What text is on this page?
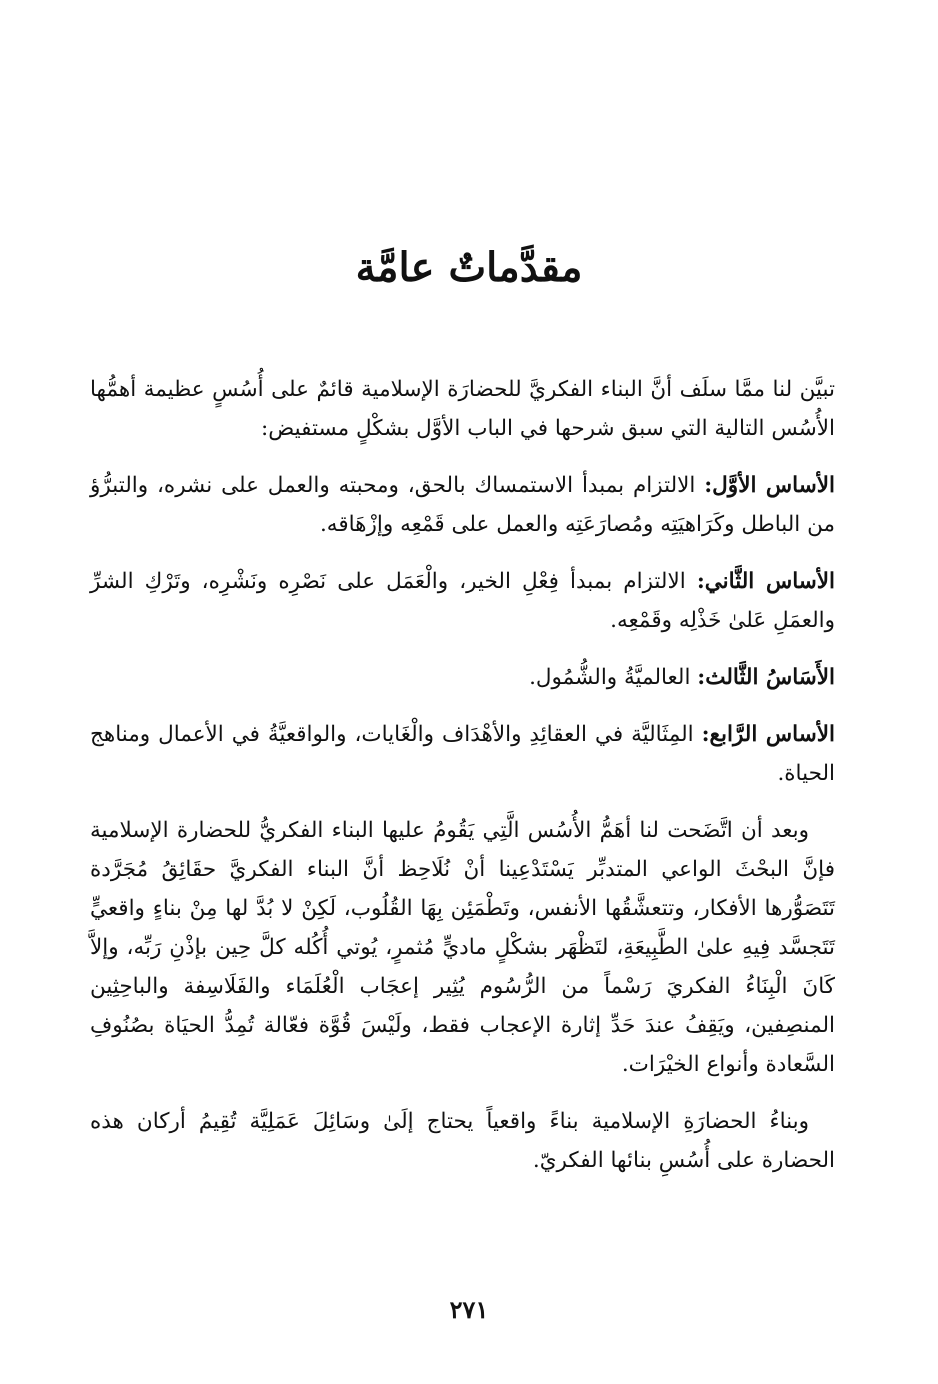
مقدَّماتٌ عامَّة

تبيَّن لنا ممَّا سلَف أنَّ البناء الفكريَّ للحضارَة الإسلامية قائمٌ على أُسُسٍ عظيمة أهمُّها الأُسُس التالية التي سبق شرحها في الباب الأوَّل بشكْلٍ مستفيض:

الأساس الأوَّل: الالتزام بمبدأ الاستمساك بالحق، ومحبته والعمل على نشره، والتبرُّؤ من الباطل وكَرَاهيَتِه ومُصارَعَتِه والعمل على قَمْعِه وإزْهَاقه.

الأساس الثَّاني: الالتزام بمبدأ فِعْلِ الخير، والْعَمَل على نَصْرِه ونَشْرِه، وتَرْكِ الشرِّ والعمَلِ عَلىٰ خَذْلِه وقَمْعِه.

الأَسَاسُ الثَّالث: العالميَّةُ والشُّمُول.

الأساس الرَّابع: المِثَاليَّة في العقائِدِ والأهْدَاف والْغَايات، والواقعيَّةُ في الأعمال ومناهج الحياة.

وبعد أن اتَّضَحت لنا أهَمُّ الأُسُس الَّتِي يَقُومُ عليها البناء الفكريُّ للحضارة الإسلامية فإنَّ البحْثَ الواعي المتدبِّر يَسْتَدْعِينا أنْ نُلَاحِظ أنَّ البناء الفكريَّ حقَائِقُ مُجَرَّدة تَتَصَوُّرها الأفكار، وتتعشَّقُها الأنفس، وتَطْمَئِن بِهَا القُلُوب، لَكِنْ لا بُدَّ لها مِنْ بناءٍ واقعيٍّ تَتَجسَّد فِيهِ علىٰ الطَّبِيعَةِ، لتَظْهَر بشكْلٍ ماديٍّ مُثمرٍ، يُوتي أُكُله كلَّ حِين بإذْنِ رَبِّه، وإلاَّ كَانَ الْبِنَاءُ الفكريَ رَسْماً من الرُّسُوم يُثِير إعجَاب الْعُلَمَاء والفَلَاسِفة والباحِثِين المنصِفين، ويَقِفُ عندَ حَدِّ إثارة الإعجاب فقط، ولَيْسَ قُوَّة فعّالة تُمِدُّ الحيَاة بصُنُوفِ السَّعادة وأنواع الخيْرَات.

وبناءُ الحضارَةِ الإسلامية بناءً واقعياً يحتاج إلَىٰ وسَائِلَ عَمَلِيَّة تُقِيمُ أركان هذه الحضارة على أُسُسِ بنائها الفكريّ.

٢٧١
